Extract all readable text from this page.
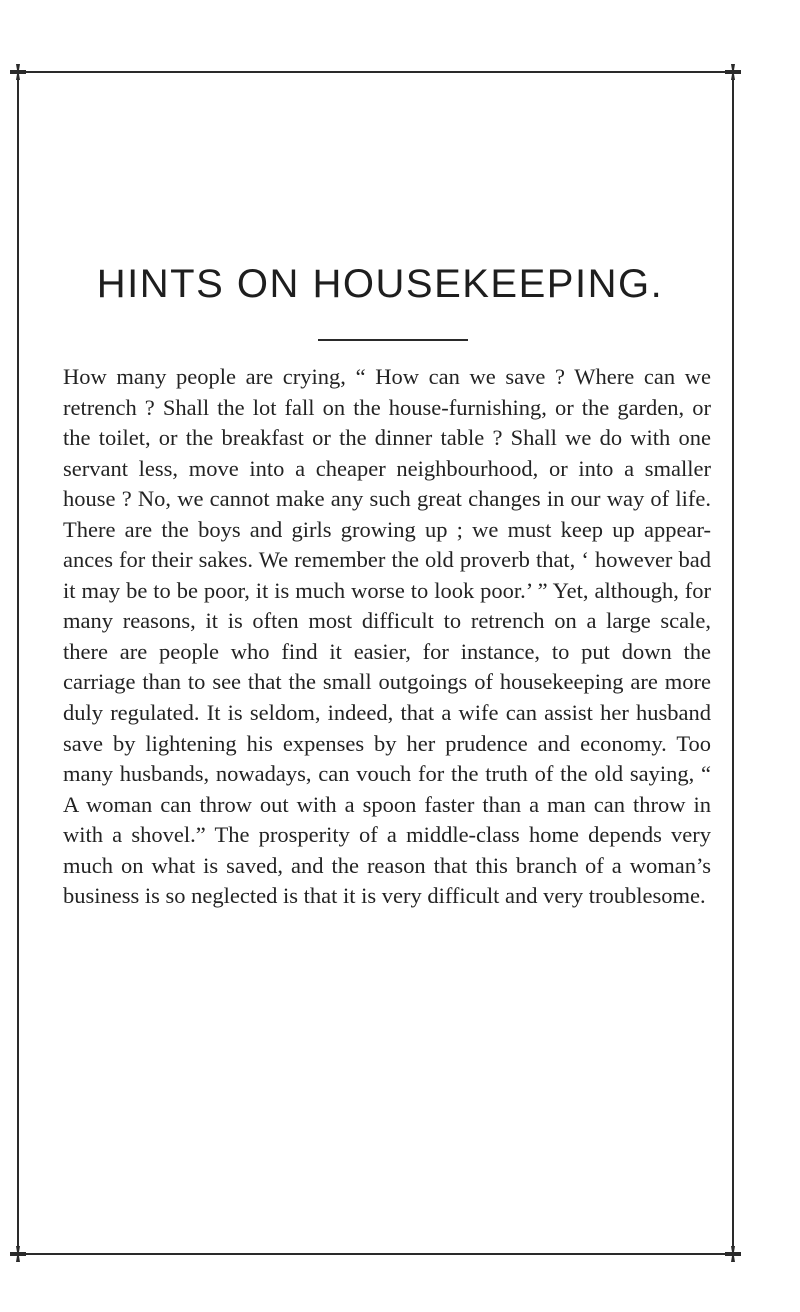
HINTS ON HOUSEKEEPING.

How many people are crying, “ How can we save ? Where can we retrench ? Shall the lot fall on the house-furnishing, or the garden, or the toilet, or the breakfast or the dinner table ? Shall we do with one servant less, move into a cheaper neighbourhood, or into a smaller house ? No, we cannot make any such great changes in our way of life. There are the boys and girls growing up ; we must keep up appear- ances for their sakes. We remember the old proverb that, ‘ however bad it may be to be poor, it is much worse to look poor.’ ” Yet, although, for many reasons, it is often most difficult to retrench on a large scale, there are people who find it easier, for instance, to put down the carriage than to see that the small outgoings of housekeeping are more duly regulated. It is seldom, indeed, that a wife can assist her husband save by lightening his expenses by her prudence and economy. Too many husbands, nowadays, can vouch for the truth of the old saying, “ A woman can throw out with a spoon faster than a man can throw in with a shovel.” The prosperity of a middle-class home depends very much on what is saved, and the reason that this branch of a woman’s business is so neglected is that it is very difficult and very troublesome.
